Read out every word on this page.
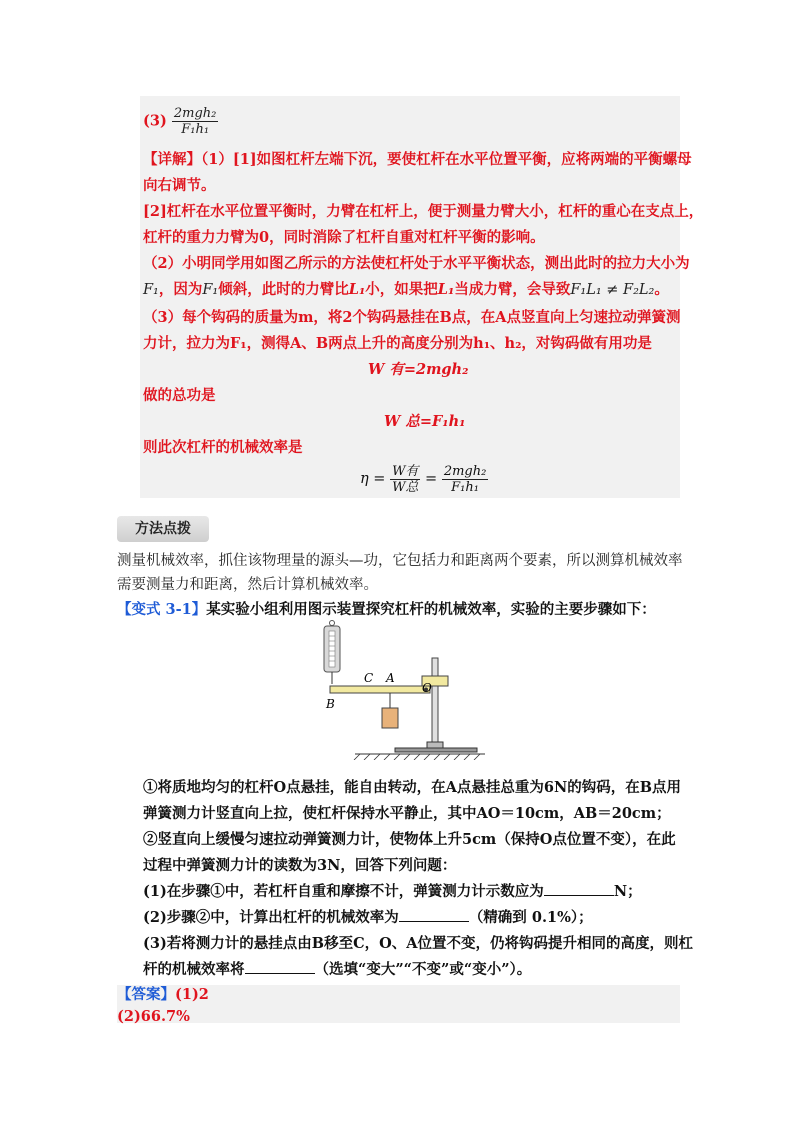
$(3) \frac{\text{2mgh₂}}{\text{F₁h₁}}$
【详解】（1）[1]如图杠杆左端下沉，要使杠杆在水平位置平衡，应将两端的平衡螺母
向右调节。
[2]杠杆在水平位置平衡时，力臂在杠杆上，便于测量力臂大小，杠杆的重心在支点上，
杠杆的重力力臂为0，同时消除了杠杆自重对杠杆平衡的影响。
（2）小明同学用如图乙所示的方法使杠杆处于水平平衡状态，测出此时的拉力大小为
F₁，因为F₁倾斜，此时的力臂比L₁小，如果把L₁当成力臂，会导致F₁L₁ ≠ F₂L₂。
（3）每个钩码的质量为m，将2个钩码悬挂在B点，在A点竖直向上匀速拉动弹簧测
力计，拉力为F₁，测得A、B两点上升的高度分别为h₁、h₂，对钩码做有用功是
W 有=2mgh₂
做的总功是
W 总=F₁h₁
则此次杠杆的机械效率是
$\eta = \frac{\text{W有}}{\text{W总}} = \frac{\text{2mgh₂}}{\text{F₁h₁}}$
方法点拨
测量机械效率，抓住该物理量的源头—功，它包括力和距离两个要素，所以测算机械效率
需要测量力和距离，然后计算机械效率。
【变式 3-1】某实验小组利用图示装置探究杠杆的机械效率，实验的主要步骤如下：
C A
O
B
①将质地均匀的杠杆O点悬挂，能自由转动，在A点悬挂总重为6N的钩码，在B点用
弹簧测力计竖直向上拉，使杠杆保持水平静止，其中AO＝10cm，AB＝20cm；
②竖直向上缓慢匀速拉动弹簧测力计，使物体上升5cm（保持O点位置不变），在此
过程中弹簧测力计的读数为3N，回答下列问题：
(1)在步骤①中，若杠杆自重和摩擦不计，弹簧测力计示数应为	N；
(2)步骤②中，计算出杠杆的机械效率为	（精确到 0.1%）；
(3)若将测力计的悬挂点由B移至C，O、A位置不变，仍将钩码提升相同的高度，则杠
杆的机械效率将	（选填“变大”“不变”或“变小”）。
【答案】(1)2
(2)66.7%
